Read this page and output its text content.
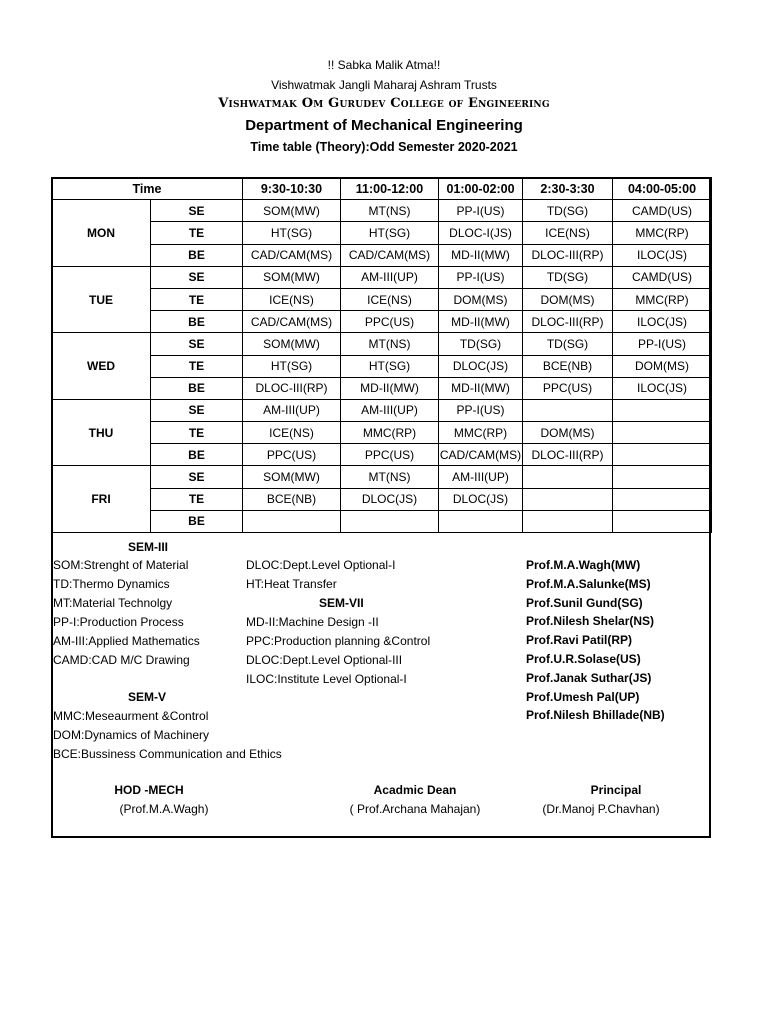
!! Sabka Malik Atma!!
Vishwatmak Jangli Maharaj Ashram Trusts
Vishwatmak Om Gurudev College of Engineering
Department of Mechanical Engineering
Time table (Theory):Odd Semester 2020-2021
Time		9:30-10:30	11:00-12:00	01:00-02:00	2:30-3:30	04:00-05:00
MON	SE	SOM(MW)	MT(NS)	PP-I(US)	TD(SG)	CAMD(US)
	TE	HT(SG)	HT(SG)	DLOC-I(JS)	ICE(NS)	MMC(RP)
	BE	CAD/CAM(MS)	CAD/CAM(MS)	MD-II(MW)	DLOC-III(RP)	ILOC(JS)
TUE	SE	SOM(MW)	AM-III(UP)	PP-I(US)	TD(SG)	CAMD(US)
	TE	ICE(NS)	ICE(NS)	DOM(MS)	DOM(MS)	MMC(RP)
	BE	CAD/CAM(MS)	PPC(US)	MD-II(MW)	DLOC-III(RP)	ILOC(JS)
WED	SE	SOM(MW)	MT(NS)	TD(SG)	TD(SG)	PP-I(US)
	TE	HT(SG)	HT(SG)	DLOC(JS)	BCE(NB)	DOM(MS)
	BE	DLOC-III(RP)	MD-II(MW)	MD-II(MW)	PPC(US)	ILOC(JS)
THU	SE	AM-III(UP)	AM-III(UP)	PP-I(US)		
	TE	ICE(NS)	MMC(RP)	MMC(RP)	DOM(MS)	
	BE	PPC(US)	PPC(US)	CAD/CAM(MS)	DLOC-III(RP)	
FRI	SE	SOM(MW)	MT(NS)	AM-III(UP)		
	TE	BCE(NB)	DLOC(JS)	DLOC(JS)		
	BE					
SEM-III
SOM:Strenght of Material
TD:Thermo Dynamics
MT:Material Technolgy
PP-I:Production Process
AM-III:Applied Mathematics
CAMD:CAD M/C Drawing
SEM-V
MMC:Meseaurment &Control
DOM:Dynamics of Machinery
BCE:Bussiness Communication and Ethics
DLOC:Dept.Level Optional-I
HT:Heat Transfer
SEM-VII
MD-II:Machine Design -II
PPC:Production planning &Control
DLOC:Dept.Level Optional-III
ILOC:Institute Level Optional-I
Prof.M.A.Wagh(MW)
Prof.M.A.Salunke(MS)
Prof.Sunil Gund(SG)
Prof.Nilesh Shelar(NS)
Prof.Ravi Patil(RP)
Prof.U.R.Solase(US)
Prof.Janak Suthar(JS)
Prof.Umesh Pal(UP)
Prof.Nilesh Bhillade(NB)
HOD -MECH
(Prof.M.A.Wagh)
Acadmic Dean
( Prof.Archana Mahajan)
Principal
(Dr.Manoj P.Chavhan)
